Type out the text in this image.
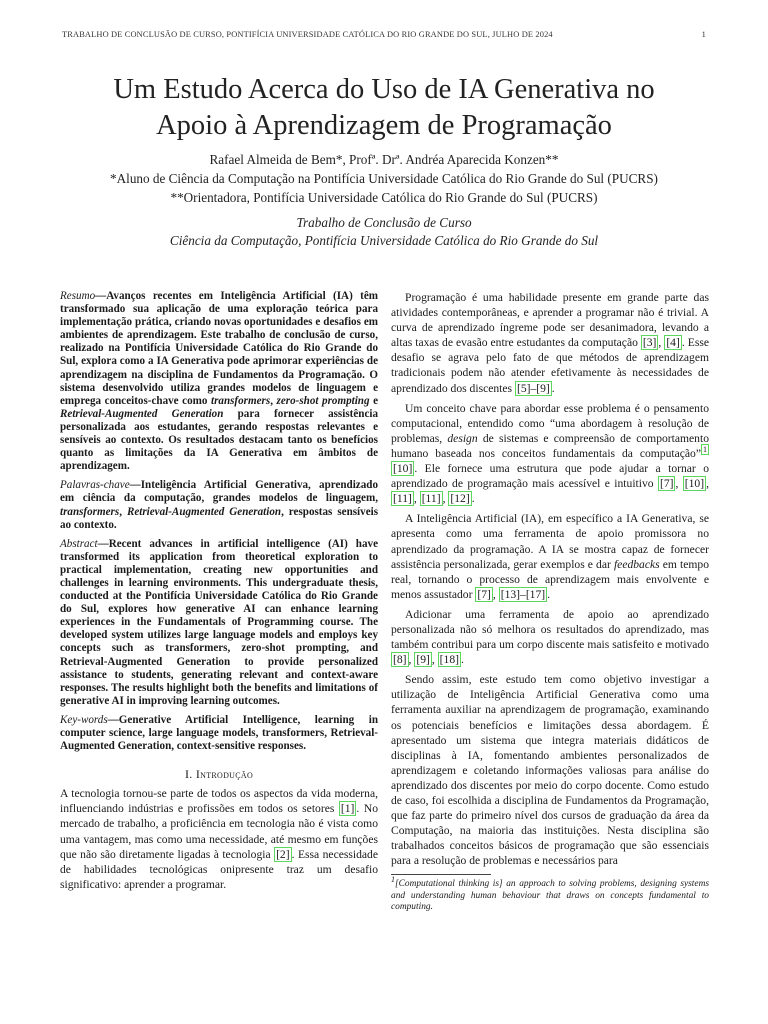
TRABALHO DE CONCLUSÃO DE CURSO, PONTIFÍCIA UNIVERSIDADE CATÓLICA DO RIO GRANDE DO SUL, JULHO DE 2024	1
Um Estudo Acerca do Uso de IA Generativa no
Apoio à Aprendizagem de Programação
Rafael Almeida de Bem*, Profª. Drª. Andréa Aparecida Konzen**
*Aluno de Ciência da Computação na Pontifícia Universidade Católica do Rio Grande do Sul (PUCRS)
**Orientadora, Pontifícia Universidade Católica do Rio Grande do Sul (PUCRS)
Trabalho de Conclusão de Curso
Ciência da Computação, Pontifícia Universidade Católica do Rio Grande do Sul

Resumo—Avanços recentes em Inteligência Artificial (IA) têm transformado sua aplicação de uma exploração teórica para implementação prática, criando novas oportunidades e desafios em ambientes de aprendizagem. Este trabalho de conclusão de curso, realizado na Pontifícia Universidade Católica do Rio Grande do Sul, explora como a IA Generativa pode aprimorar experiências de aprendizagem na disciplina de Fundamentos da Programação. O sistema desenvolvido utiliza grandes modelos de linguagem e emprega conceitos-chave como transformers, zero-shot prompting e Retrieval-Augmented Generation para fornecer assistência personalizada aos estudantes, gerando respostas relevantes e sensíveis ao contexto. Os resultados destacam tanto os benefícios quanto as limitações da IA Generativa em âmbitos de aprendizagem.

Palavras-chave—Inteligência Artificial Generativa, aprendizado em ciência da computação, grandes modelos de linguagem, transformers, Retrieval-Augmented Generation, respostas sensíveis ao contexto.

Abstract—Recent advances in artificial intelligence (AI) have transformed its application from theoretical exploration to practical implementation, creating new opportunities and challenges in learning environments. This undergraduate thesis, conducted at the Pontifícia Universidade Católica do Rio Grande do Sul, explores how generative AI can enhance learning experiences in the Fundamentals of Programming course. The developed system utilizes large language models and employs key concepts such as transformers, zero-shot prompting, and Retrieval-Augmented Generation to provide personalized assistance to students, generating relevant and context-aware responses. The results highlight both the benefits and limitations of generative AI in improving learning outcomes.

Key-words—Generative Artificial Intelligence, learning in computer science, large language models, transformers, Retrieval-Augmented Generation, context-sensitive responses.

I. Introdução

A tecnologia tornou-se parte de todos os aspectos da vida moderna, influenciando indústrias e profissões em todos os setores [1] . No mercado de trabalho, a proficiência em tecnologia não é vista como uma vantagem, mas como uma necessidade, até mesmo em funções que não são diretamente ligadas à tecnologia [2] . Essa necessidade de habilidades tecnológicas onipresente traz um desafio significativo: aprender a programar.

Programação é uma habilidade presente em grande parte das atividades contemporâneas, e aprender a programar não é trivial. A curva de aprendizado íngreme pode ser desanimadora, levando a altas taxas de evasão entre estudantes da computação [3] , [4] . Esse desafio se agrava pelo fato de que métodos de aprendizagem tradicionais podem não atender efetivamente às necessidades de aprendizado dos discentes [5]–[9] .

Um conceito chave para abordar esse problema é o pensamento computacional, entendido como “uma abordagem à resolução de problemas, design de sistemas e compreensão de comportamento humano baseada nos conceitos fundamentais da computação” $^1$ [10] . Ele fornece uma estrutura que pode ajudar a tornar o aprendizado de programação mais acessível e intuitivo [7] , [10] , [11] , [11] , [12] .

A Inteligência Artificial (IA), em específico a IA Generativa, se apresenta como uma ferramenta de apoio promissora no aprendizado da programação. A IA se mostra capaz de fornecer assistência personalizada, gerar exemplos e dar feedbacks em tempo real, tornando o processo de aprendizagem mais envolvente e menos assustador [7] , [13]–[17] .

Adicionar uma ferramenta de apoio ao aprendizado personalizada não só melhora os resultados do aprendizado, mas também contribui para um corpo discente mais satisfeito e motivado [8] , [9] , [18] .

Sendo assim, este estudo tem como objetivo investigar a utilização de Inteligência Artificial Generativa como uma ferramenta auxiliar na aprendizagem de programação, examinando os potenciais benefícios e limitações dessa abordagem. É apresentado um sistema que integra materiais didáticos de disciplinas à IA, fomentando ambientes personalizados de aprendizagem e coletando informações valiosas para análise do aprendizado dos discentes por meio do corpo docente. Como estudo de caso, foi escolhida a disciplina de Fundamentos da Programação, que faz parte do primeiro nível dos cursos de graduação da área da Computação, na maioria das instituições. Nesta disciplina são trabalhados conceitos básicos de programação que são essenciais para a resolução de problemas e necessários para

$^1$[Computational thinking is] an approach to solving problems, designing systems and understanding human behaviour that draws on concepts fundamental to computing.
